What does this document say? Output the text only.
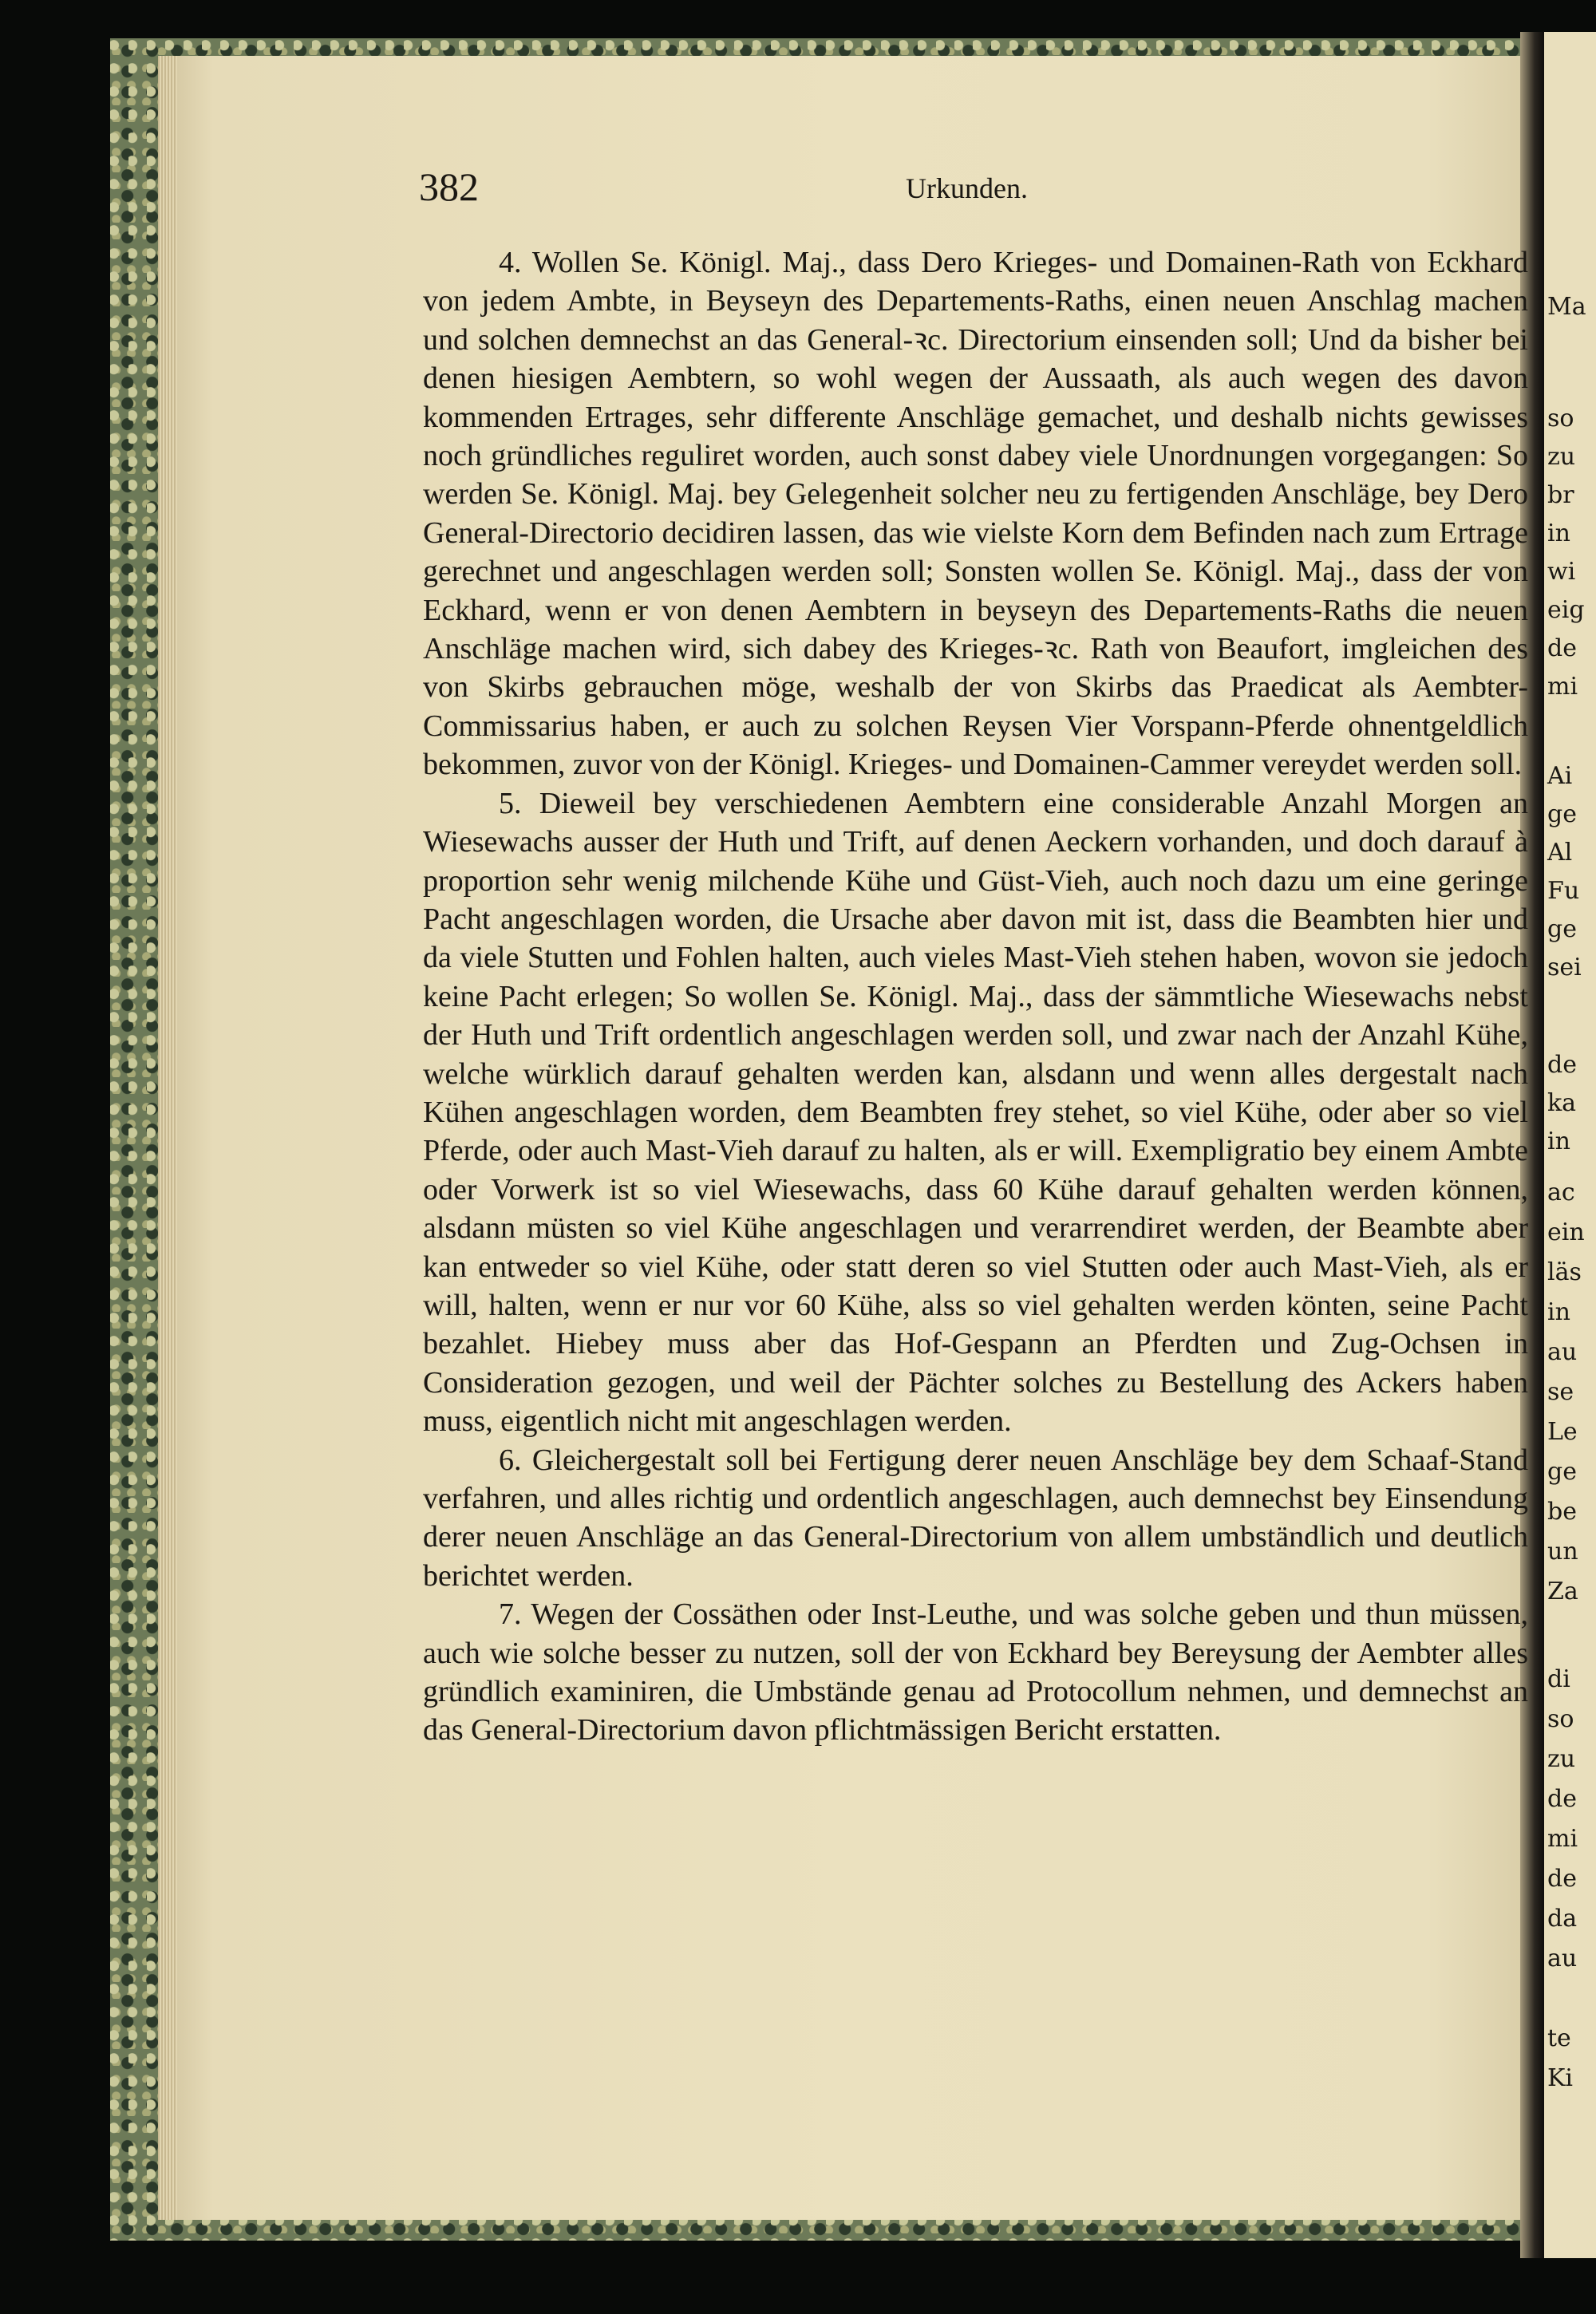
Ma
so
zu
br
in
wi
eig
de
mi
Ai
ge
Al
Fu
ge
sei
de
ka
in
ac
ein
läs
in
au
se
Le
ge
be
un
Za
di
so
zu
de
mi
de
da
au
te
Ki
382	Urkunden.

4. Wollen Se. Königl. Maj., dass Dero Krieges- und Domainen-Rath von Eckhard von jedem Ambte, in Beyseyn des Departements-Raths, einen neuen Anschlag machen und solchen demnechst an das General-ꝛc. Directorium einsenden soll; Und da bisher bei denen hiesigen Aembtern, so wohl wegen der Aussaath, als auch wegen des davon kommenden Ertrages, sehr differente Anschläge gemachet, und deshalb nichts gewisses noch gründliches reguliret worden, auch sonst dabey viele Unordnungen vorgegangen: So werden Se. Königl. Maj. bey Gelegenheit solcher neu zu fertigenden Anschläge, bey Dero General-Directorio decidiren lassen, das wie vielste Korn dem Befinden nach zum Ertrage gerechnet und angeschlagen werden soll; Sonsten wollen Se. Königl. Maj., dass der von Eckhard, wenn er von denen Aembtern in beyseyn des Departements-Raths die neuen Anschläge machen wird, sich dabey des Krieges-ꝛc. Rath von Beaufort, imgleichen des von Skirbs gebrauchen möge, weshalb der von Skirbs das Praedicat als Aembter-Commissarius haben, er auch zu solchen Reysen Vier Vorspann-Pferde ohnentgeldlich bekommen, zuvor von der Königl. Krieges- und Domainen-Cammer vereydet werden soll.

5. Dieweil bey verschiedenen Aembtern eine considerable Anzahl Morgen an Wiesewachs ausser der Huth und Trift, auf denen Aeckern vorhanden, und doch darauf à proportion sehr wenig milchende Kühe und Güst-Vieh, auch noch dazu um eine geringe Pacht angeschlagen worden, die Ursache aber davon mit ist, dass die Beambten hier und da viele Stutten und Fohlen halten, auch vieles Mast-Vieh stehen haben, wovon sie jedoch keine Pacht erlegen; So wollen Se. Königl. Maj., dass der sämmtliche Wiesewachs nebst der Huth und Trift ordentlich angeschlagen werden soll, und zwar nach der Anzahl Kühe, welche würklich darauf gehalten werden kan, alsdann und wenn alles dergestalt nach Kühen angeschlagen worden, dem Beambten frey stehet, so viel Kühe, oder aber so viel Pferde, oder auch Mast-Vieh darauf zu halten, als er will. Exempligratio bey einem Ambte oder Vorwerk ist so viel Wiesewachs, dass 60 Kühe darauf gehalten werden können, alsdann müsten so viel Kühe angeschlagen und verarrendiret werden, der Beambte aber kan entweder so viel Kühe, oder statt deren so viel Stutten oder auch Mast-Vieh, als er will, halten, wenn er nur vor 60 Kühe, alss so viel gehalten werden könten, seine Pacht bezahlet. Hiebey muss aber das Hof-Gespann an Pferdten und Zug-Ochsen in Consideration gezogen, und weil der Pächter solches zu Bestellung des Ackers haben muss, eigentlich nicht mit angeschlagen werden.

6. Gleichergestalt soll bei Fertigung derer neuen Anschläge bey dem Schaaf-Stand verfahren, und alles richtig und ordentlich angeschlagen, auch demnechst bey Einsendung derer neuen Anschläge an das General-Directorium von allem umbständlich und deutlich berichtet werden.

7. Wegen der Cossäthen oder Inst-Leuthe, und was solche geben und thun müssen, auch wie solche besser zu nutzen, soll der von Eckhard bey Bereysung der Aembter alles gründlich examiniren, die Umbstände genau ad Protocollum nehmen, und demnechst an das General-Directorium davon pflichtmässigen Bericht erstatten.
